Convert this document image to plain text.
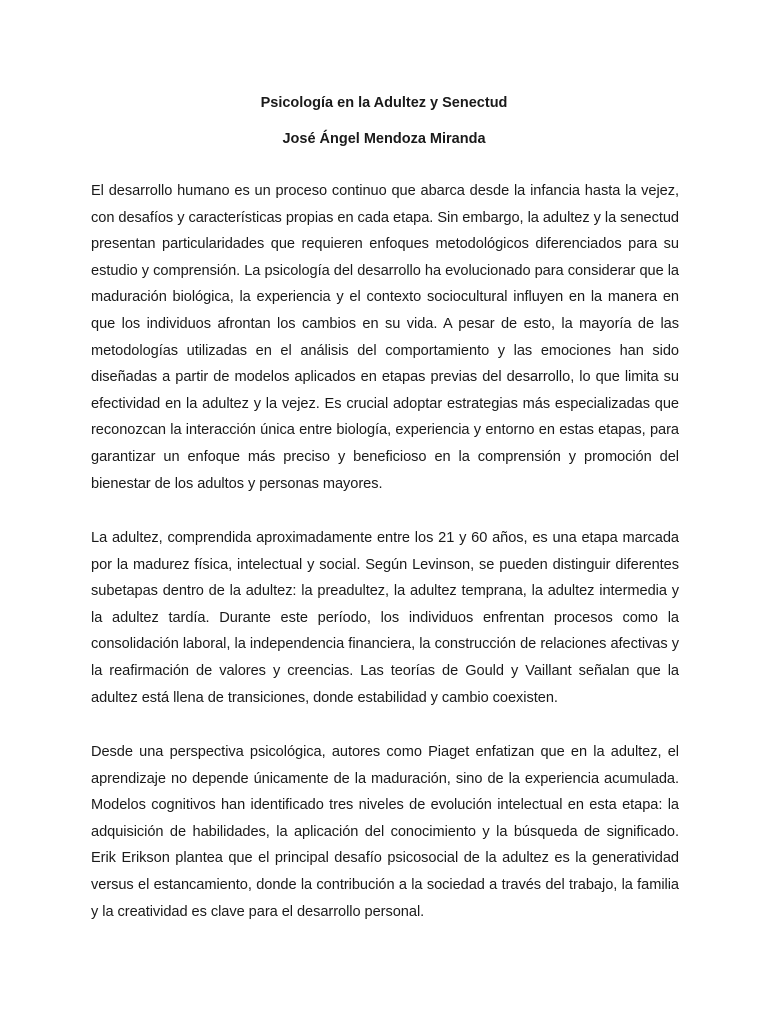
Psicología en la Adultez y Senectud
José Ángel Mendoza Miranda

El desarrollo humano es un proceso continuo que abarca desde la infancia hasta la vejez, con desafíos y características propias en cada etapa. Sin embargo, la adultez y la senectud presentan particularidades que requieren enfoques metodológicos diferenciados para su estudio y comprensión. La psicología del desarrollo ha evolucionado para considerar que la maduración biológica, la experiencia y el contexto sociocultural influyen en la manera en que los individuos afrontan los cambios en su vida. A pesar de esto, la mayoría de las metodologías utilizadas en el análisis del comportamiento y las emociones han sido diseñadas a partir de modelos aplicados en etapas previas del desarrollo, lo que limita su efectividad en la adultez y la vejez. Es crucial adoptar estrategias más especializadas que reconozcan la interacción única entre biología, experiencia y entorno en estas etapas, para garantizar un enfoque más preciso y beneficioso en la comprensión y promoción del bienestar de los adultos y personas mayores.

La adultez, comprendida aproximadamente entre los 21 y 60 años, es una etapa marcada por la madurez física, intelectual y social. Según Levinson, se pueden distinguir diferentes subetapas dentro de la adultez: la preadultez, la adultez temprana, la adultez intermedia y la adultez tardía. Durante este período, los individuos enfrentan procesos como la consolidación laboral, la independencia financiera, la construcción de relaciones afectivas y la reafirmación de valores y creencias. Las teorías de Gould y Vaillant señalan que la adultez está llena de transiciones, donde estabilidad y cambio coexisten.

Desde una perspectiva psicológica, autores como Piaget enfatizan que en la adultez, el aprendizaje no depende únicamente de la maduración, sino de la experiencia acumulada. Modelos cognitivos han identificado tres niveles de evolución intelectual en esta etapa: la adquisición de habilidades, la aplicación del conocimiento y la búsqueda de significado. Erik Erikson plantea que el principal desafío psicosocial de la adultez es la generatividad versus el estancamiento, donde la contribución a la sociedad a través del trabajo, la familia y la creatividad es clave para el desarrollo personal.
